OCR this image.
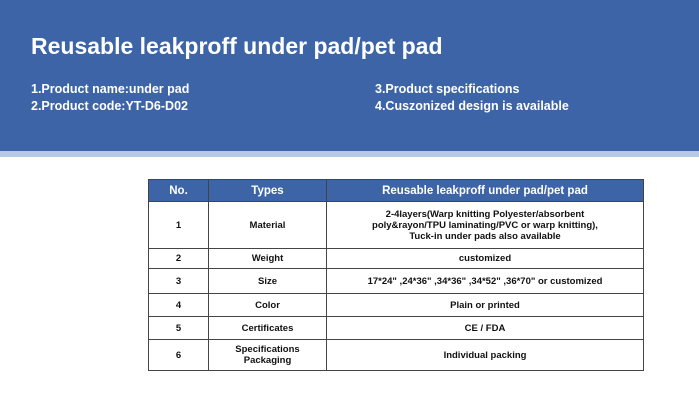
Reusable leakproff under pad/pet pad
1.Product name:under pad
2.Product code:YT-D6-D02
3.Product specifications
4.Cuszonized design is available
No.	Types	Reusable leakproff under pad/pet pad
1	Material	2-4layers(Warp knitting Polyester/absorbent
poly&rayon/TPU laminating/PVC or warp knitting),
Tuck-in under pads also available
2	Weight	customized
3	Size	17*24" ,24*36" ,34*36" ,34*52" ,36*70" or customized
4	Color	Plain or printed
5	Certificates	CE / FDA
6	Specifications
Packaging	Individual packing
